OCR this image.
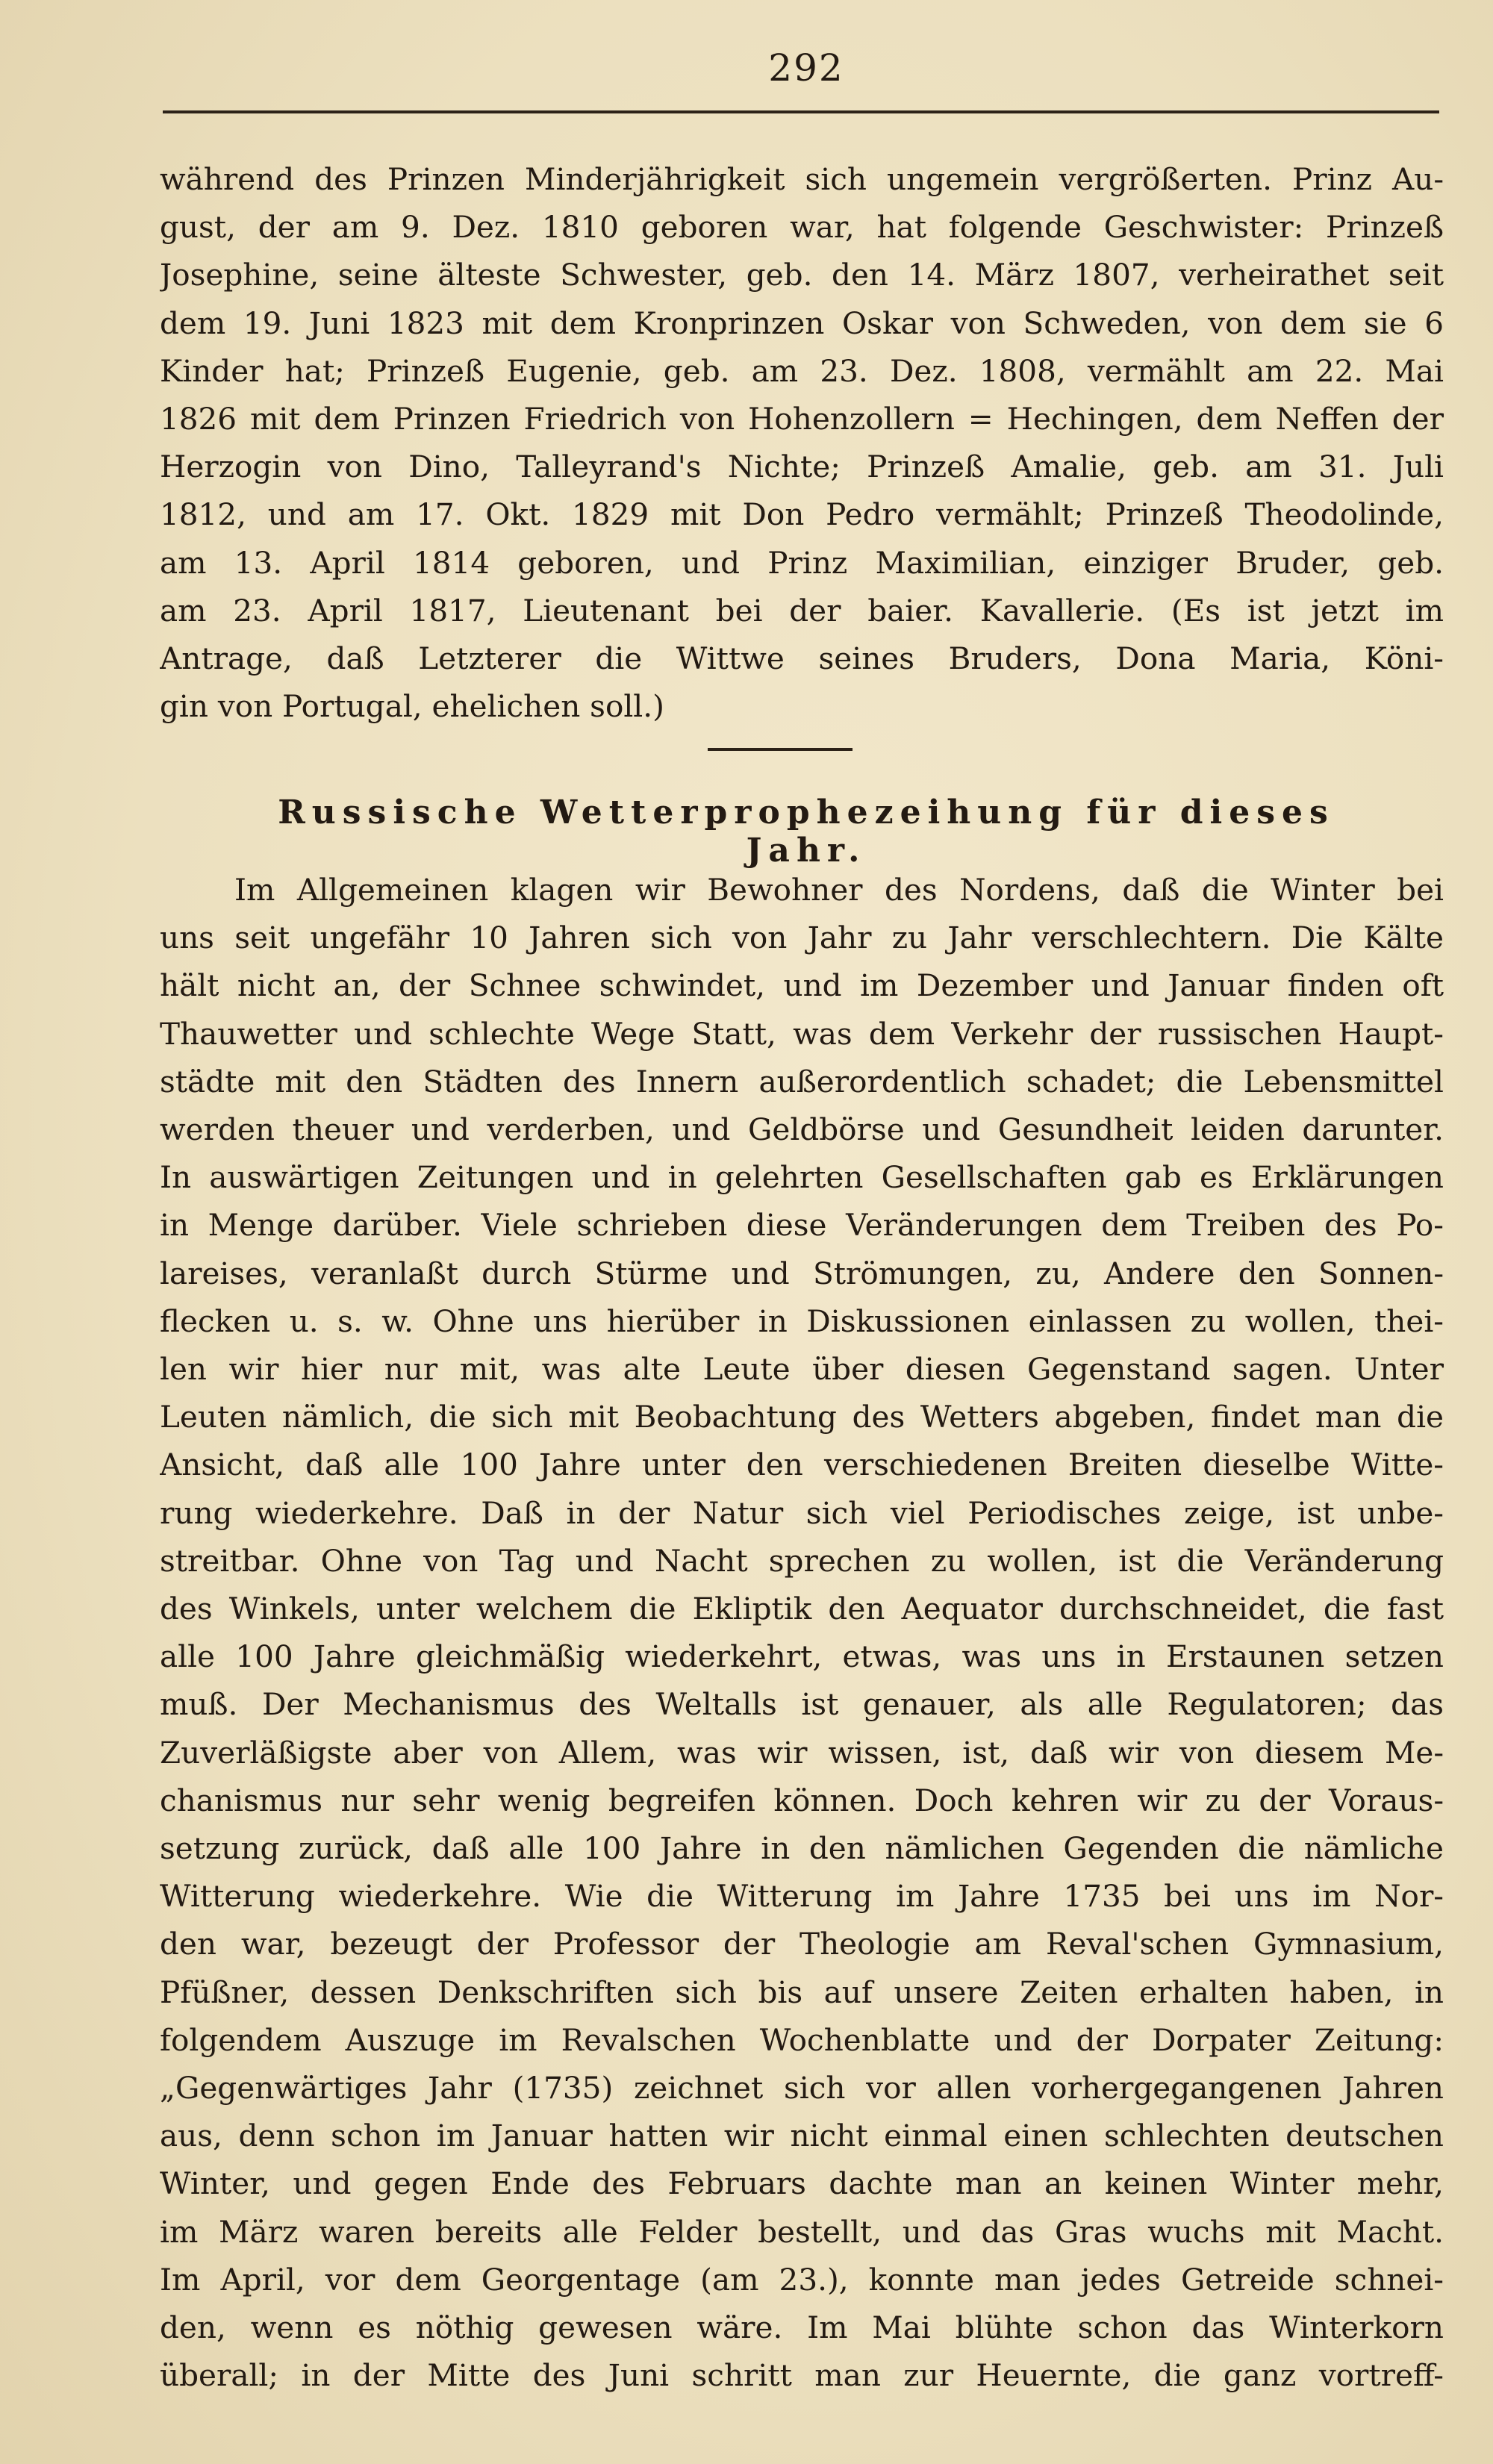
292
während des Prinzen Minderjährigkeit sich ungemein vergrößerten. Prinz Au-
gust, der am 9. Dez. 1810 geboren war, hat folgende Geschwister: Prinzeß
Josephine, seine älteste Schwester, geb. den 14. März 1807, verheirathet seit
dem 19. Juni 1823 mit dem Kronprinzen Oskar von Schweden, von dem sie 6
Kinder hat; Prinzeß Eugenie, geb. am 23. Dez. 1808, vermählt am 22. Mai
1826 mit dem Prinzen Friedrich von Hohenzollern = Hechingen, dem Neffen der
Herzogin von Dino, Talleyrand's Nichte; Prinzeß Amalie, geb. am 31. Juli
1812, und am 17. Okt. 1829 mit Don Pedro vermählt; Prinzeß Theodolinde,
am 13. April 1814 geboren, und Prinz Maximilian, einziger Bruder, geb.
am 23. April 1817, Lieutenant bei der baier. Kavallerie. (Es ist jetzt im
Antrage, daß Letzterer die Wittwe seines Bruders, Dona Maria, Köni-
gin von Portugal, ehelichen soll.)
Russische Wetterprophezeihung für dieses Jahr.
Im Allgemeinen klagen wir Bewohner des Nordens, daß die Winter bei
uns seit ungefähr 10 Jahren sich von Jahr zu Jahr verschlechtern. Die Kälte
hält nicht an, der Schnee schwindet, und im Dezember und Januar finden oft
Thauwetter und schlechte Wege Statt, was dem Verkehr der russischen Haupt-
städte mit den Städten des Innern außerordentlich schadet; die Lebensmittel
werden theuer und verderben, und Geldbörse und Gesundheit leiden darunter.
In auswärtigen Zeitungen und in gelehrten Gesellschaften gab es Erklärungen
in Menge darüber. Viele schrieben diese Veränderungen dem Treiben des Po-
lareises, veranlaßt durch Stürme und Strömungen, zu, Andere den Sonnen-
flecken u. s. w. Ohne uns hierüber in Diskussionen einlassen zu wollen, thei-
len wir hier nur mit, was alte Leute über diesen Gegenstand sagen. Unter
Leuten nämlich, die sich mit Beobachtung des Wetters abgeben, findet man die
Ansicht, daß alle 100 Jahre unter den verschiedenen Breiten dieselbe Witte-
rung wiederkehre. Daß in der Natur sich viel Periodisches zeige, ist unbe-
streitbar. Ohne von Tag und Nacht sprechen zu wollen, ist die Veränderung
des Winkels, unter welchem die Ekliptik den Aequator durchschneidet, die fast
alle 100 Jahre gleichmäßig wiederkehrt, etwas, was uns in Erstaunen setzen
muß. Der Mechanismus des Weltalls ist genauer, als alle Regulatoren; das
Zuverläßigste aber von Allem, was wir wissen, ist, daß wir von diesem Me-
chanismus nur sehr wenig begreifen können. Doch kehren wir zu der Voraus-
setzung zurück, daß alle 100 Jahre in den nämlichen Gegenden die nämliche
Witterung wiederkehre. Wie die Witterung im Jahre 1735 bei uns im Nor-
den war, bezeugt der Professor der Theologie am Reval'schen Gymnasium,
Pfüßner, dessen Denkschriften sich bis auf unsere Zeiten erhalten haben, in
folgendem Auszuge im Revalschen Wochenblatte und der Dorpater Zeitung:
„Gegenwärtiges Jahr (1735) zeichnet sich vor allen vorhergegangenen Jahren
aus, denn schon im Januar hatten wir nicht einmal einen schlechten deutschen
Winter, und gegen Ende des Februars dachte man an keinen Winter mehr,
im März waren bereits alle Felder bestellt, und das Gras wuchs mit Macht.
Im April, vor dem Georgentage (am 23.), konnte man jedes Getreide schnei-
den, wenn es nöthig gewesen wäre. Im Mai blühte schon das Winterkorn
überall; in der Mitte des Juni schritt man zur Heuernte, die ganz vortreff-
